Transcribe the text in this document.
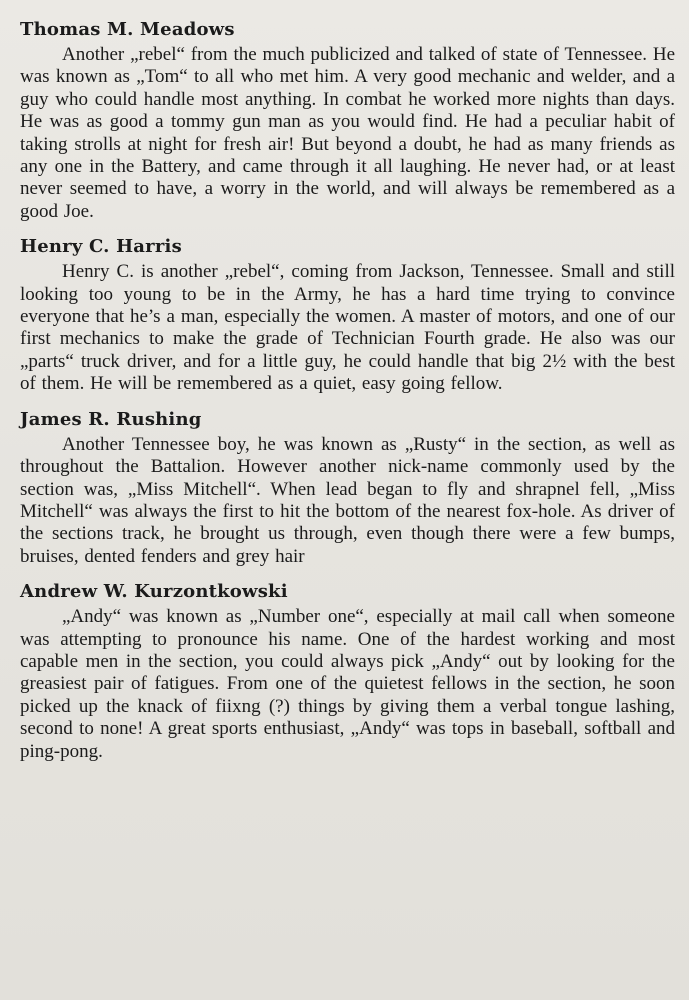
Thomas M. Meadows

Another „rebel“ from the much publicized and talked of state of Tennessee. He was known as „Tom“ to all who met him. A very good mechanic and welder, and a guy who could handle most anything. In combat he worked more nights than days. He was as good a tommy gun man as you would find. He had a peculiar habit of taking strolls at night for fresh air! But beyond a doubt, he had as many friends as any one in the Battery, and came through it all laughing. He never had, or at least never seemed to have, a worry in the world, and will always be remembered as a good Joe.

Henry C. Harris

Henry C. is another „rebel“, coming from Jackson, Tennessee. Small and still looking too young to be in the Army, he has a hard time trying to convince everyone that he’s a man, especially the women. A master of motors, and one of our first mechanics to make the grade of Technician Fourth grade. He also was our „parts“ truck driver, and for a little guy, he could handle that big 2½ with the best of them. He will be remembered as a quiet, easy going fellow.

James R. Rushing

Another Tennessee boy, he was known as „Rusty“ in the section, as well as throughout the Battalion. However another nick-name commonly used by the section was, „Miss Mitchell“. When lead began to fly and shrapnel fell, „Miss Mitchell“ was always the first to hit the bottom of the nearest fox-hole. As driver of the sections track, he brought us through, even though there were a few bumps, bruises, dented fenders and grey hair

Andrew W. Kurzontkowski

„Andy“ was known as „Number one“, especially at mail call when someone was attempting to pronounce his name. One of the hardest working and most capable men in the section, you could always pick „Andy“ out by looking for the greasiest pair of fatigues. From one of the quietest fellows in the section, he soon picked up the knack of fiixng (?) things by giving them a verbal tongue lashing, second to none! A great sports enthusiast, „Andy“ was tops in baseball, softball and ping-pong.
